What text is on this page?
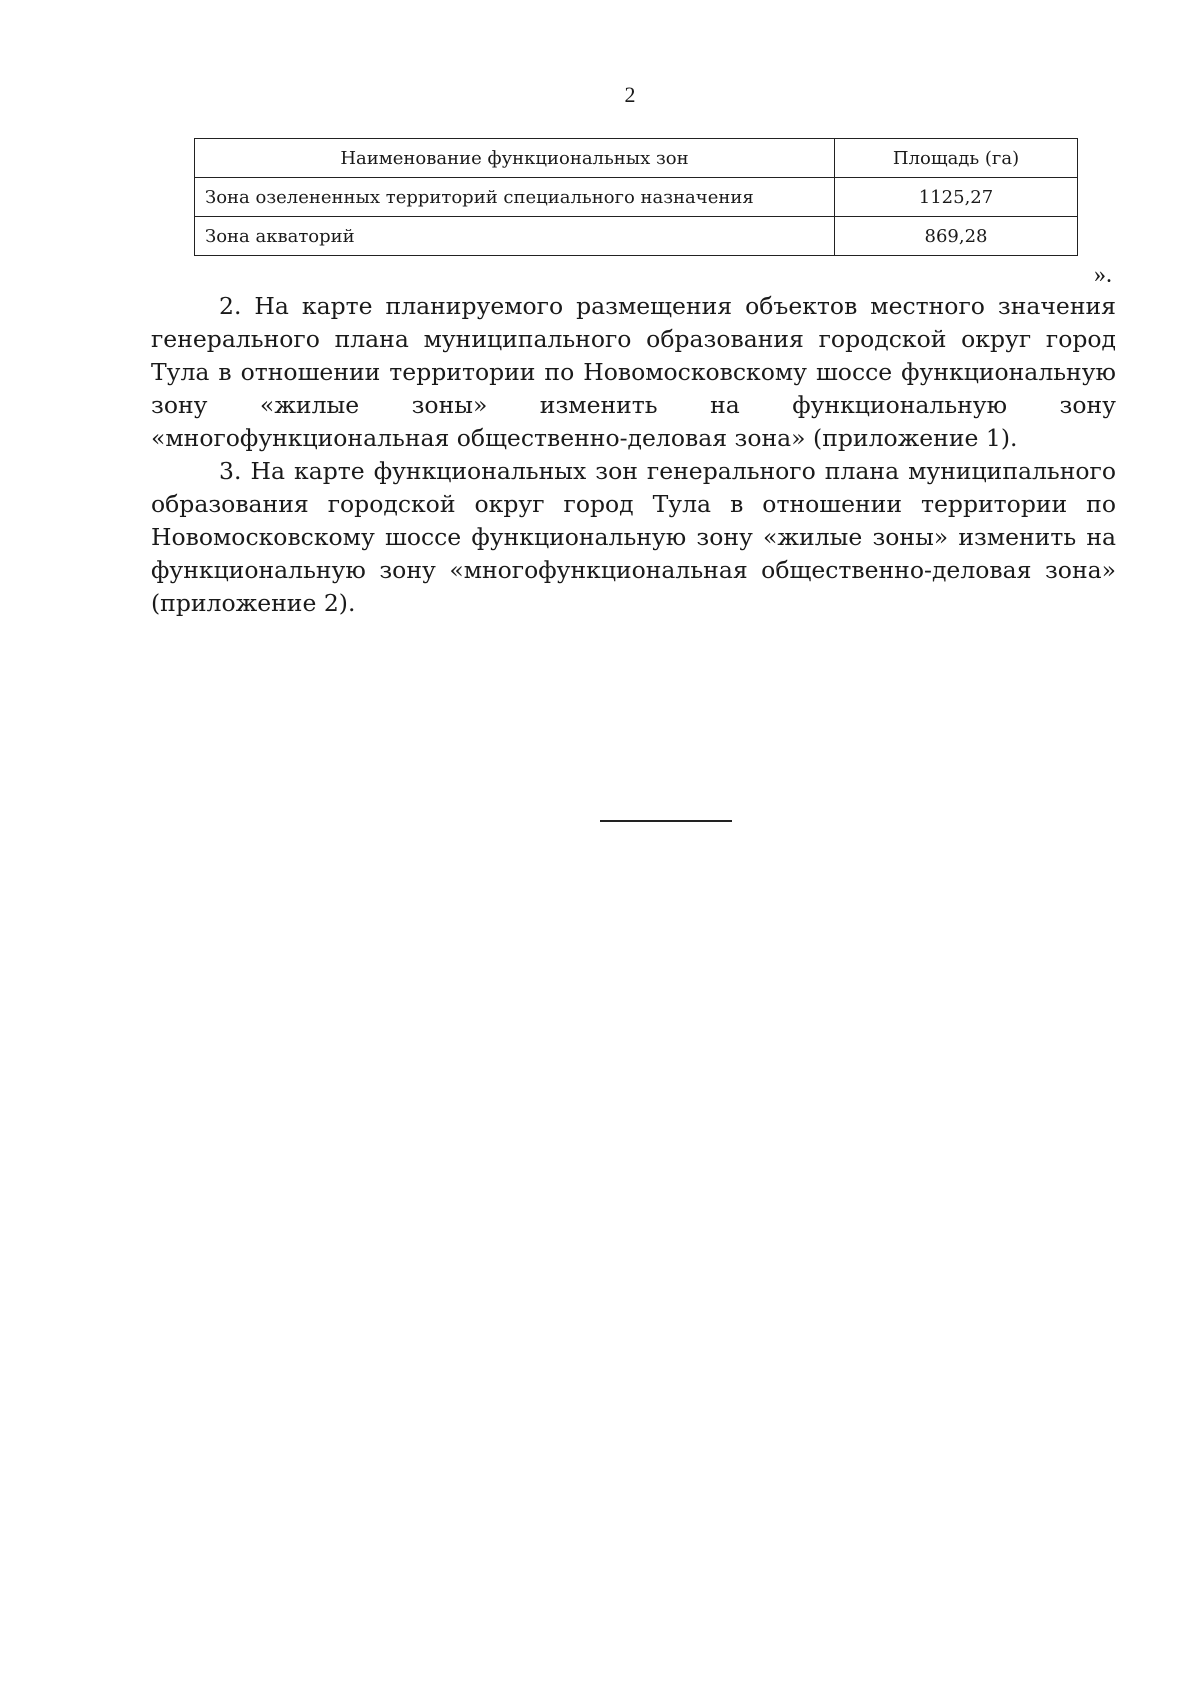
2
Наименование функциональных зон	Площадь (га)
Зона озелененных территорий специального назначения	1125,27
Зона акваторий	869,28
».

2. На карте планируемого размещения объектов местного значения генерального плана муниципального образования городской округ город Тула в отношении территории по Новомосковскому шоссе функциональную зону «жилые зоны» изменить на функциональную зону «многофункциональная общественно-деловая зона» (приложение 1).

3. На карте функциональных зон генерального плана муниципального образования городской округ город Тула в отношении территории по Новомосковскому шоссе функциональную зону «жилые зоны» изменить на функциональную зону «многофункциональная общественно-деловая зона» (приложение 2).
